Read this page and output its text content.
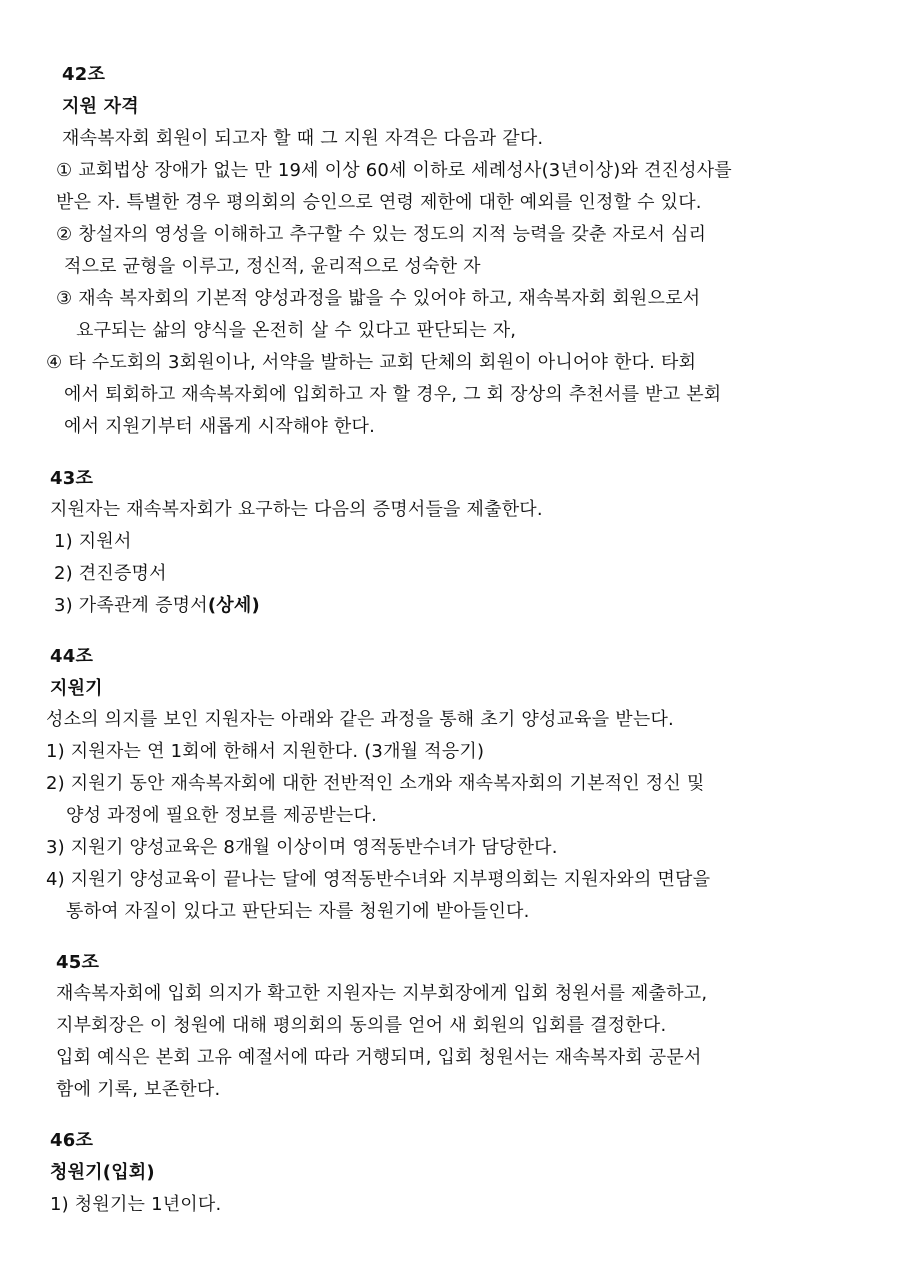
42조
지원 자격
재속복자회 회원이 되고자 할 때 그 지원 자격은 다음과 같다.
① 교회법상 장애가 없는 만 19세 이상 60세 이하로 세례성사(3년이상)와 견진성사를
받은 자. 특별한 경우 평의회의 승인으로 연령 제한에 대한 예외를 인정할 수 있다.
② 창설자의 영성을 이해하고 추구할 수 있는 정도의 지적 능력을 갖춘 자로서 심리
적으로 균형을 이루고, 정신적, 윤리적으로 성숙한 자
③ 재속 복자회의 기본적 양성과정을 밟을 수 있어야 하고, 재속복자회 회원으로서
요구되는 삶의 양식을 온전히 살 수 있다고 판단되는 자,
④ 타 수도회의 3회원이나, 서약을 발하는 교회 단체의 회원이 아니어야 한다. 타회
에서 퇴회하고 재속복자회에 입회하고 자 할 경우, 그 회 장상의 추천서를 받고 본회
에서 지원기부터 새롭게 시작해야 한다.
43조
지원자는 재속복자회가 요구하는 다음의 증명서들을 제출한다.
1) 지원서
2) 견진증명서
3) 가족관계 증명서(상세)
44조
지원기
성소의 의지를 보인 지원자는 아래와 같은 과정을 통해 초기 양성교육을 받는다.
1) 지원자는 연 1회에 한해서 지원한다. (3개월 적응기)
2) 지원기 동안 재속복자회에 대한 전반적인 소개와 재속복자회의 기본적인 정신 및
양성 과정에 필요한 정보를 제공받는다.
3) 지원기 양성교육은 8개월 이상이며 영적동반수녀가 담당한다.
4) 지원기 양성교육이 끝나는 달에 영적동반수녀와 지부평의회는 지원자와의 면담을
통하여 자질이 있다고 판단되는 자를 청원기에 받아들인다.
45조
재속복자회에 입회 의지가 확고한 지원자는 지부회장에게 입회 청원서를 제출하고,
지부회장은 이 청원에 대해 평의회의 동의를 얻어 새 회원의 입회를 결정한다.
입회 예식은 본회 고유 예절서에 따라 거행되며, 입회 청원서는 재속복자회 공문서
함에 기록, 보존한다.
46조
청원기(입회)
1) 청원기는 1년이다.
